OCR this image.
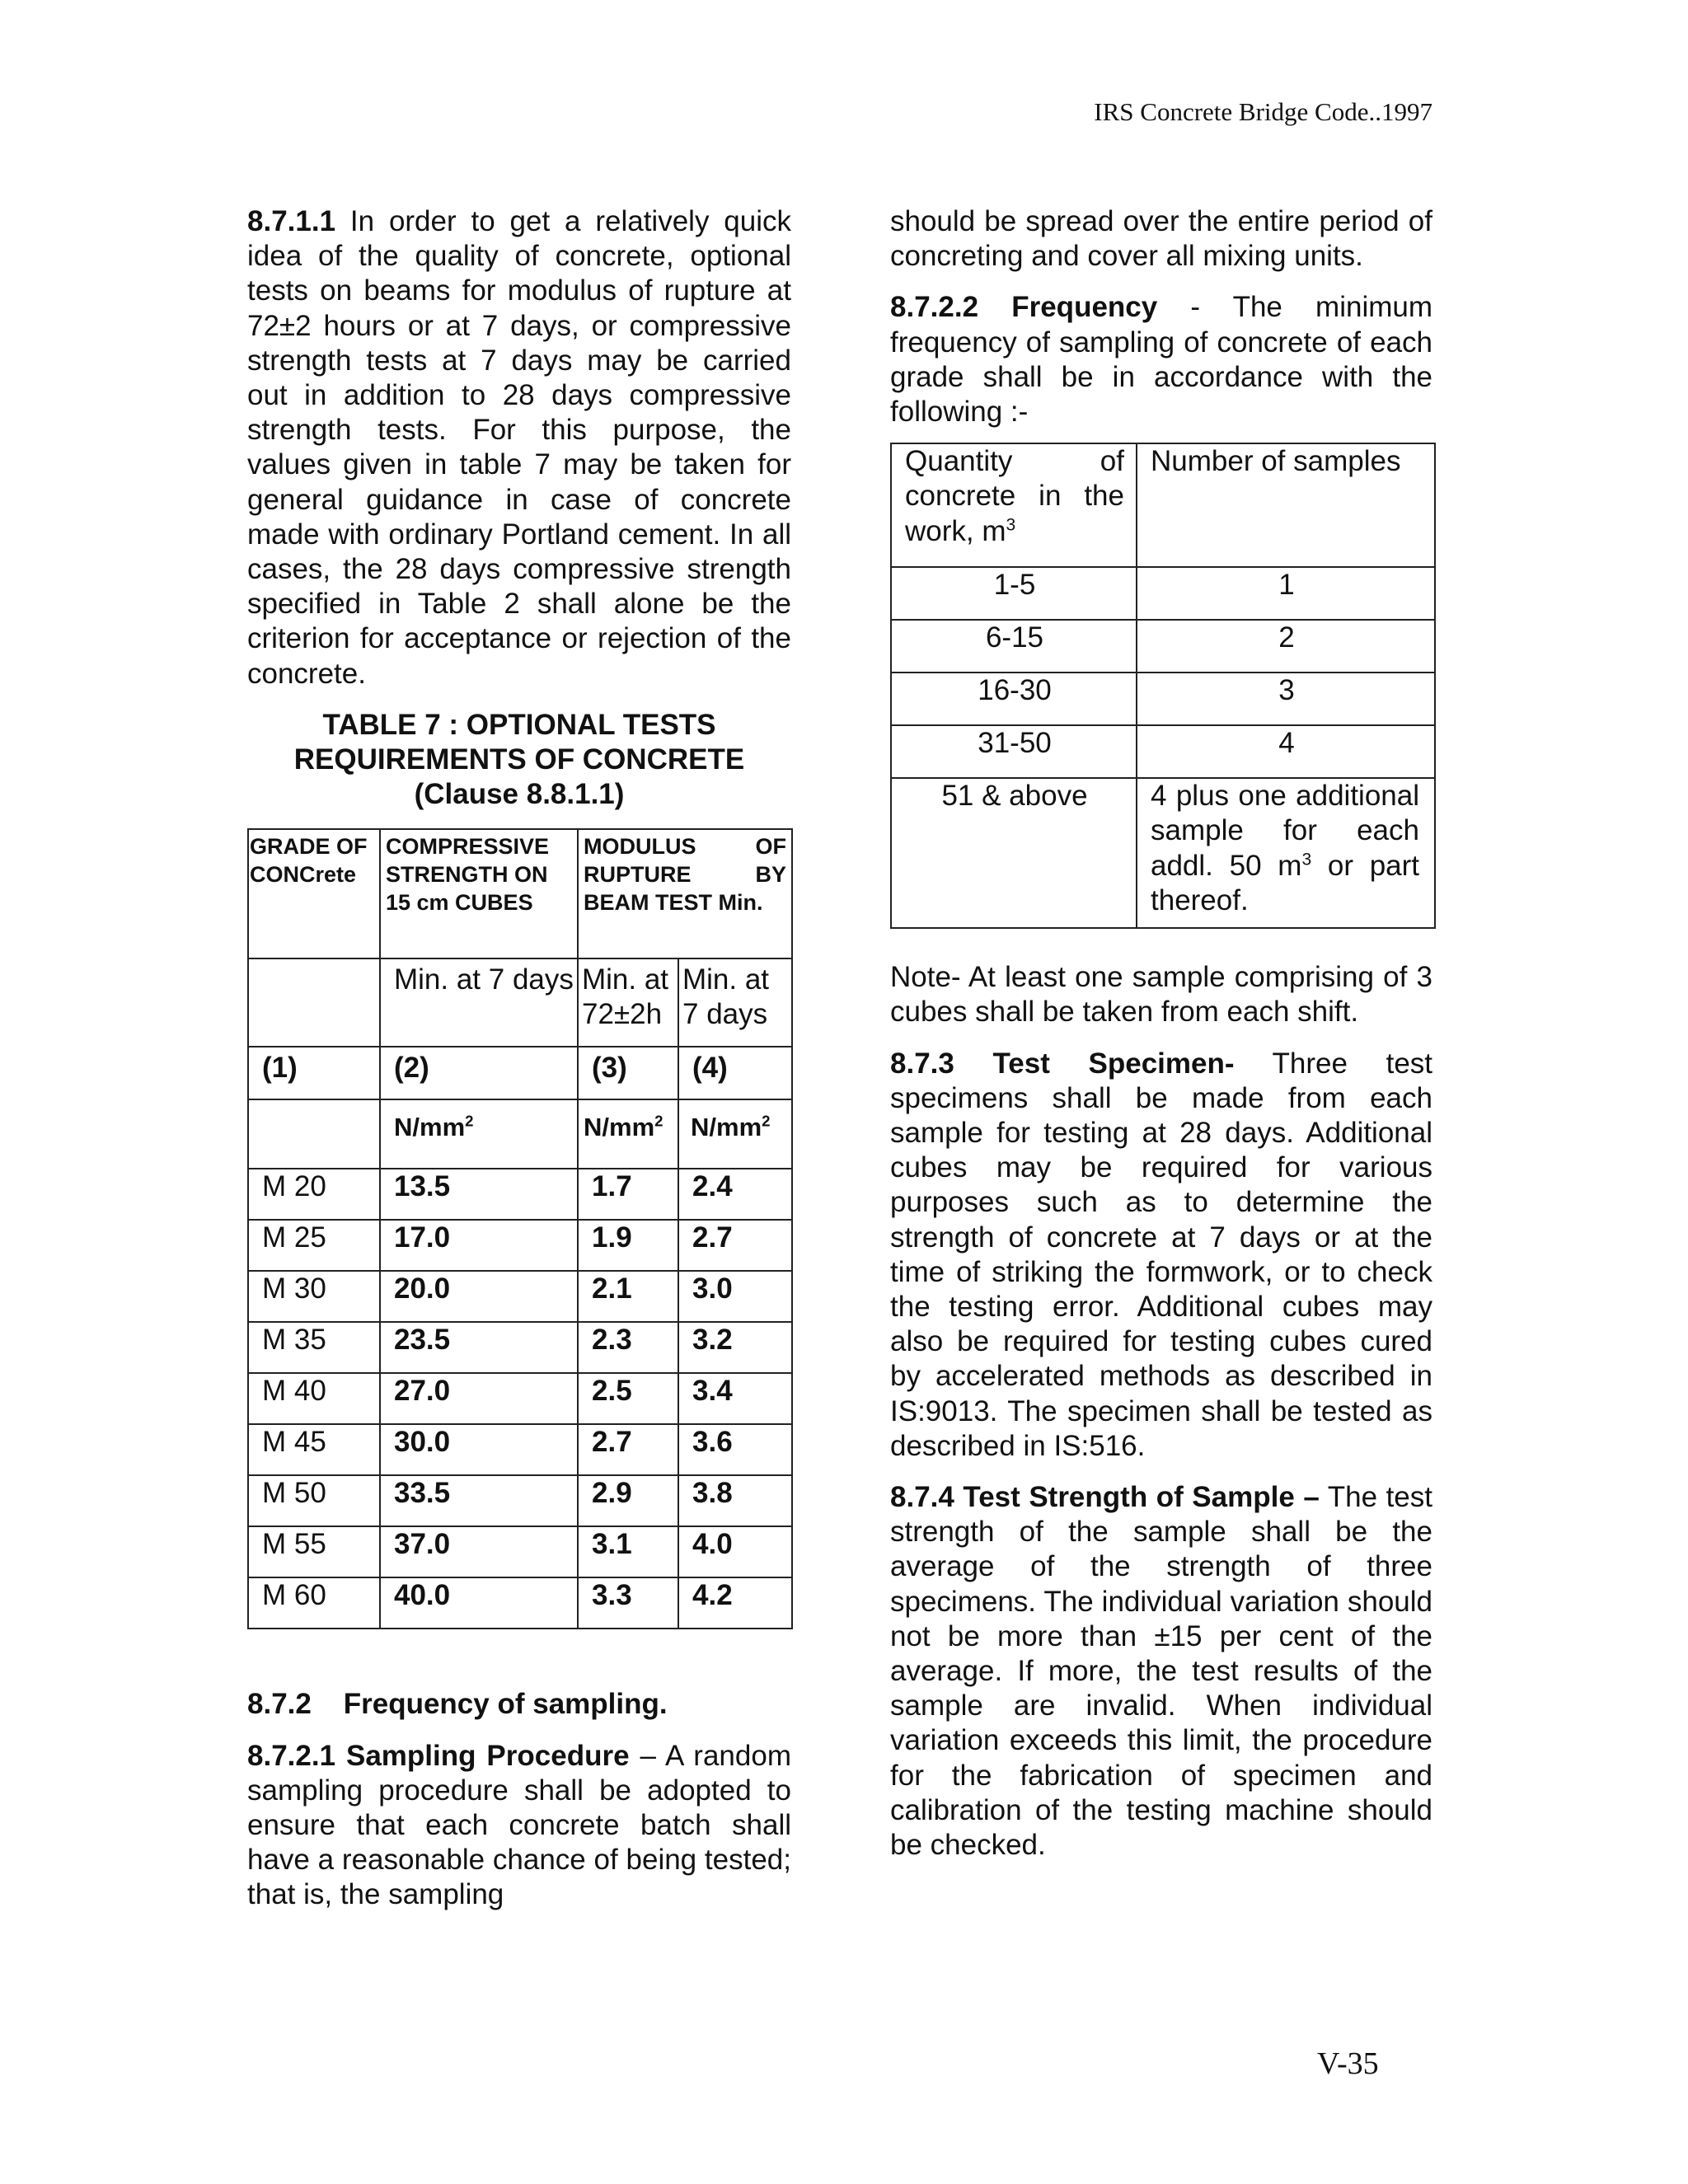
IRS Concrete Bridge Code..1997

8.7.1.1 In order to get a relatively quick idea of the quality of concrete, optional tests on beams for modulus of rupture at 72±2 hours or at 7 days, or compressive strength tests at 7 days may be carried out in addition to 28 days compressive strength tests. For this purpose, the values given in table 7 may be taken for general guidance in case of concrete made with ordinary Portland cement. In all cases, the 28 days compressive strength specified in Table 2 shall alone be the criterion for acceptance or rejection of the concrete.

TABLE 7 : OPTIONAL TESTS
REQUIREMENTS OF CONCRETE
(Clause 8.8.1.1)
GRADE OF CONCrete	COMPRESSIVE STRENGTH ON 15 cm CUBES	MODULUS OF RUPTURE BY BEAM TEST Min.	
	Min. at 7 days	Min. at 72±2h	Min. at 7 days
(1)	(2)	(3)	(4)
	$N/mm^2$	$N/mm^2$	$N/mm^2$
M 20	13.5	1.7	2.4
M 25	17.0	1.9	2.7
M 30	20.0	2.1	3.0
M 35	23.5	2.3	3.2
M 40	27.0	2.5	3.4
M 45	30.0	2.7	3.6
M 50	33.5	2.9	3.8
M 55	37.0	3.1	4.0
M 60	40.0	3.3	4.2

8.7.2    Frequency of sampling.

8.7.2.1 Sampling Procedure – A random sampling procedure shall be adopted to ensure that each concrete batch shall have a reasonable chance of being tested; that is, the sampling

should be spread over the entire period of concreting and cover all mixing units.

8.7.2.2 Frequency - The minimum frequency of sampling of concrete of each grade shall be in accordance with the following :-

Quantity of concrete in the work, $m^3$	Number of samples
1-5	1
6-15	2
16-30	3
31-50	4
51 & above	4 plus one additional sample for each addl. 50 $m^3$ or part thereof.

Note- At least one sample comprising of 3 cubes shall be taken from each shift.

8.7.3 Test Specimen- Three test specimens shall be made from each sample for testing at 28 days. Additional cubes may be required for various purposes such as to determine the strength of concrete at 7 days or at the time of striking the formwork, or to check the testing error. Additional cubes may also be required for testing cubes cured by accelerated methods as described in IS:9013. The specimen shall be tested as described in IS:516.

8.7.4 Test Strength of Sample – The test strength of the sample shall be the average of the strength of three specimens. The individual variation should not be more than ±15 per cent of the average. If more, the test results of the sample are invalid. When individual variation exceeds this limit, the procedure for the fabrication of specimen and calibration of the testing machine should be checked.

V-35
